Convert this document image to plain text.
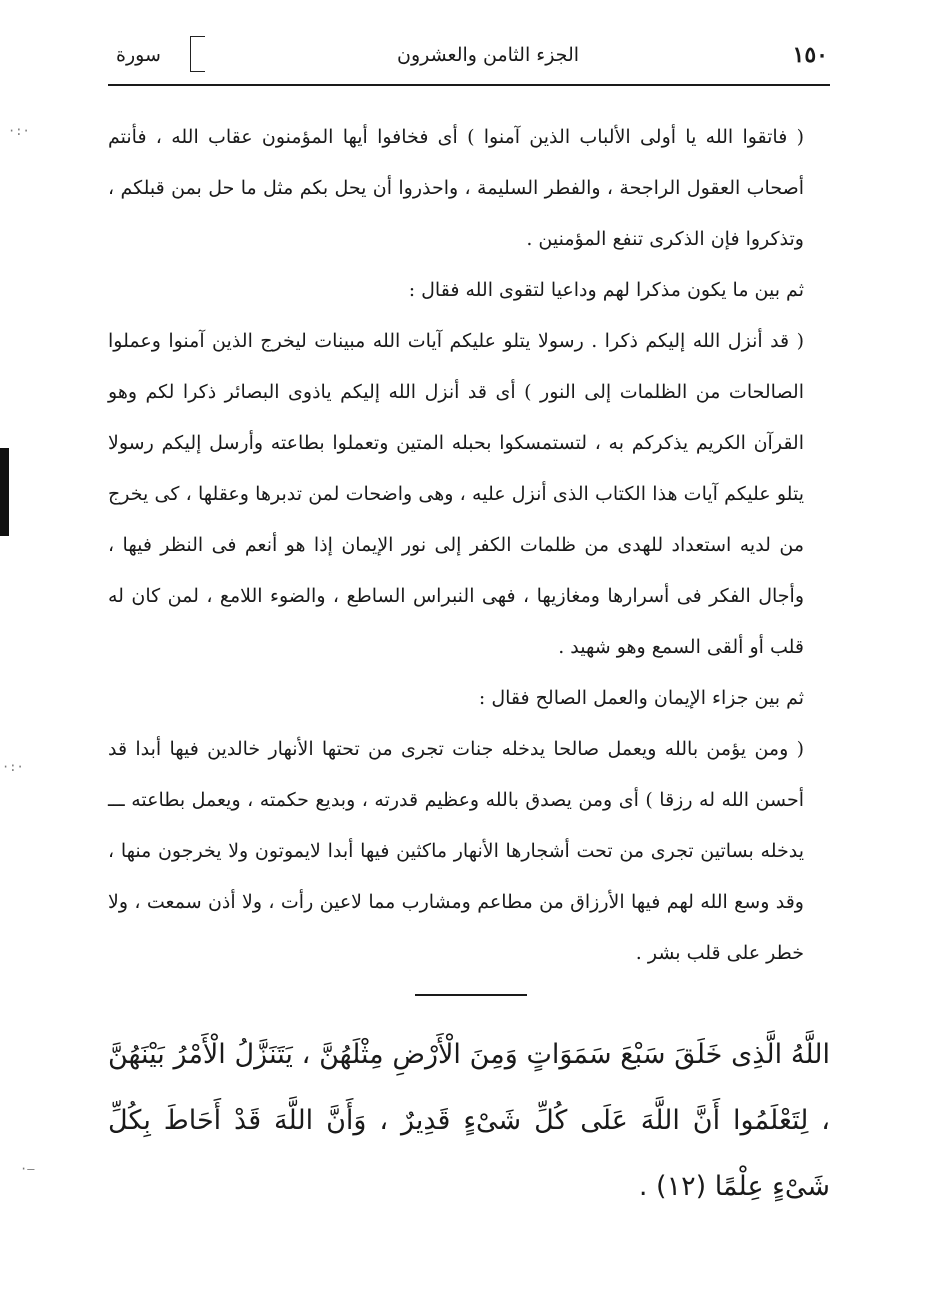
·:·
·:·
·—
١٥٠
الجزء الثامن والعشرون
سورة

( فاتقوا الله يا أولى الألباب الذين آمنوا ) أى فخافوا أيها المؤمنون عقاب الله ، فأنتم أصحاب العقول الراجحة ، والفطر السليمة ، واحذروا أن يحل بكم مثل ما حل بمن قبلكم ، وتذكروا فإن الذكرى تنفع المؤمنين .

ثم بين ما يكون مذكرا لهم وداعيا لتقوى الله فقال :

( قد أنزل الله إليكم ذكرا . رسولا يتلو عليكم آيات الله مبينات ليخرج الذين آمنوا وعملوا الصالحات من الظلمات إلى النور ) أى قد أنزل الله إليكم ياذوى البصائر ذكرا لكم وهو القرآن الكريم يذكركم به ، لتستمسكوا بحبله المتين وتعملوا بطاعته وأرسل إليكم رسولا يتلو عليكم آيات هذا الكتاب الذى أنزل عليه ، وهى واضحات لمن تدبرها وعقلها ، كى يخرج من لديه استعداد للهدى من ظلمات الكفر إلى نور الإيمان إذا هو أنعم فى النظر فيها ، وأجال الفكر فى أسرارها ومغازيها ، فهى النبراس الساطع ، والضوء اللامع ، لمن كان له قلب أو ألقى السمع وهو شهيد .

ثم بين جزاء الإيمان والعمل الصالح فقال :

( ومن يؤمن بالله ويعمل صالحا يدخله جنات تجرى من تحتها الأنهار خالدين فيها أبدا قد أحسن الله له رزقا ) أى ومن يصدق بالله وعظيم قدرته ، وبديع حكمته ، ويعمل بطاعته ـــ يدخله بساتين تجرى من تحت أشجارها الأنهار ماكثين فيها أبدا لايموتون ولا يخرجون منها ، وقد وسع الله لهم فيها الأرزاق من مطاعم ومشارب مما لاعين رأت ، ولا أذن سمعت ، ولا خطر على قلب بشر .

اللَّهُ الَّذِى خَلَقَ سَبْعَ سَمَوَاتٍ وَمِنَ الْأَرْضِ مِثْلَهُنَّ ، يَتَنَزَّلُ الْأَمْرُ بَيْنَهُنَّ ، لِتَعْلَمُوا أَنَّ اللَّهَ عَلَى كُلِّ شَىْءٍ قَدِيرٌ ، وَأَنَّ اللَّهَ قَدْ أَحَاطَ بِكُلِّ شَىْءٍ عِلْمًا (١٢) .
